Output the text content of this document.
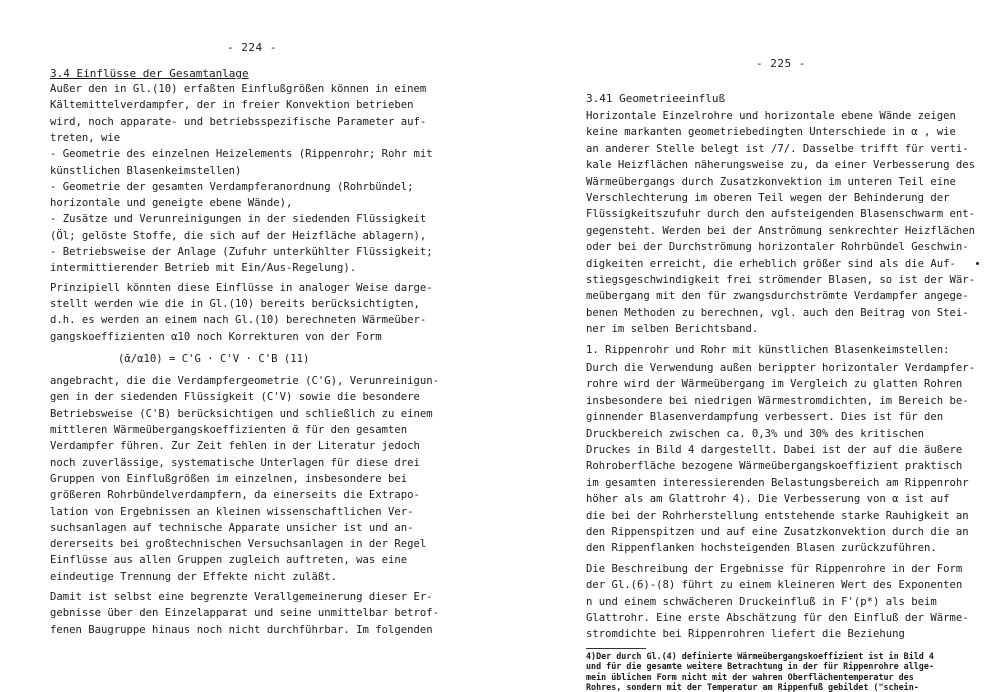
- 224 -
3.4 Einflüsse der Gesamtanlage
Außer den in Gl.(10) erfaßten Einflußgrößen können in einem
Kältemittelverdampfer, der in freier Konvektion betrieben
wird, noch apparate- und betriebsspezifische Parameter auf-
treten, wie
- Geometrie des einzelnen Heizelements (Rippenrohr; Rohr mit
künstlichen Blasenkeimstellen)
- Geometrie der gesamten Verdampferanordnung (Rohrbündel;
horizontale und geneigte ebene Wände),
- Zusätze und Verunreinigungen in der siedenden Flüssigkeit
(Öl; gelöste Stoffe, die sich auf der Heizfläche ablagern),
- Betriebsweise der Anlage (Zufuhr unterkühlter Flüssigkeit;
intermittierender Betrieb mit Ein/Aus-Regelung).
Prinzipiell könnten diese Einflüsse in analoger Weise darge-
stellt werden wie die in Gl.(10) bereits berücksichtigten,
d.h. es werden an einem nach Gl.(10) berechneten Wärmeüber-
gangskoeffizienten α10 noch Korrekturen von der Form
(ᾱ/α10) = C'G · C'V · C'B (11)
angebracht, die die Verdampfergeometrie (C'G), Verunreinigun-
gen in der siedenden Flüssigkeit (C'V) sowie die besondere
Betriebsweise (C'B) berücksichtigen und schließlich zu einem
mittleren Wärmeübergangskoeffizienten ᾱ für den gesamten
Verdampfer führen. Zur Zeit fehlen in der Literatur jedoch
noch zuverlässige, systematische Unterlagen für diese drei
Gruppen von Einflußgrößen im einzelnen, insbesondere bei
größeren Rohrbündelverdampfern, da einerseits die Extrapo-
lation von Ergebnissen an kleinen wissenschaftlichen Ver-
suchsanlagen auf technische Apparate unsicher ist und an-
dererseits bei großtechnischen Versuchsanlagen in der Regel
Einflüsse aus allen Gruppen zugleich auftreten, was eine
eindeutige Trennung der Effekte nicht zuläßt.
Damit ist selbst eine begrenzte Verallgemeinerung dieser Er-
gebnisse über den Einzelapparat und seine unmittelbar betrof-
fenen Baugruppe hinaus noch nicht durchführbar. Im folgenden
- 225 -
3.41 Geometrieeinfluß
Horizontale Einzelrohre und horizontale ebene Wände zeigen
keine markanten geometriebedingten Unterschiede in α , wie
an anderer Stelle belegt ist /7/. Dasselbe trifft für verti-
kale Heizflächen näherungsweise zu, da einer Verbesserung des
Wärmeübergangs durch Zusatzkonvektion im unteren Teil eine
Verschlechterung im oberen Teil wegen der Behinderung der
Flüssigkeitszufuhr durch den aufsteigenden Blasenschwarm ent-
gegensteht. Werden bei der Anströmung senkrechter Heizflächen
oder bei der Durchströmung horizontaler Rohrbündel Geschwin-
digkeiten erreicht, die erheblich größer sind als die Auf-
stiegsgeschwindigkeit frei strömender Blasen, so ist der Wär-
meübergang mit den für zwangsdurchströmte Verdampfer angege-
benen Methoden zu berechnen, vgl. auch den Beitrag von Stei-
ner im selben Berichtsband.
1. Rippenrohr und Rohr mit künstlichen Blasenkeimstellen:
Durch die Verwendung außen berippter horizontaler Verdampfer-
rohre wird der Wärmeübergang im Vergleich zu glatten Rohren
insbesondere bei niedrigen Wärmestromdichten, im Bereich be-
ginnender Blasenverdampfung verbessert. Dies ist für den
Druckbereich zwischen ca. 0,3% und 30% des kritischen
Druckes in Bild 4 dargestellt. Dabei ist der auf die äußere
Rohroberfläche bezogene Wärmeübergangskoeffizient praktisch
im gesamten interessierenden Belastungsbereich am Rippenrohr
höher als am Glattrohr 4). Die Verbesserung von α ist auf
die bei der Rohrherstellung entstehende starke Rauhigkeit an
den Rippenspitzen und auf eine Zusatzkonvektion durch die an
den Rippenflanken hochsteigenden Blasen zurückzuführen.
Die Beschreibung der Ergebnisse für Rippenrohre in der Form
der Gl.(6)-(8) führt zu einem kleineren Wert des Exponenten
n und einem schwächeren Druckeinfluß in F'(p*) als beim
Glattrohr. Eine erste Abschätzung für den Einfluß der Wärme-
stromdichte bei Rippenrohren liefert die Beziehung
4)Der durch Gl.(4) definierte Wärmeübergangskoeffizient ist in Bild 4
und für die gesamte weitere Betrachtung in der für Rippenrohre allge-
mein üblichen Form nicht mit der wahren Oberflächentemperatur des
Rohres, sondern mit der Temperatur am Rippenfuß gebildet ("schein-
